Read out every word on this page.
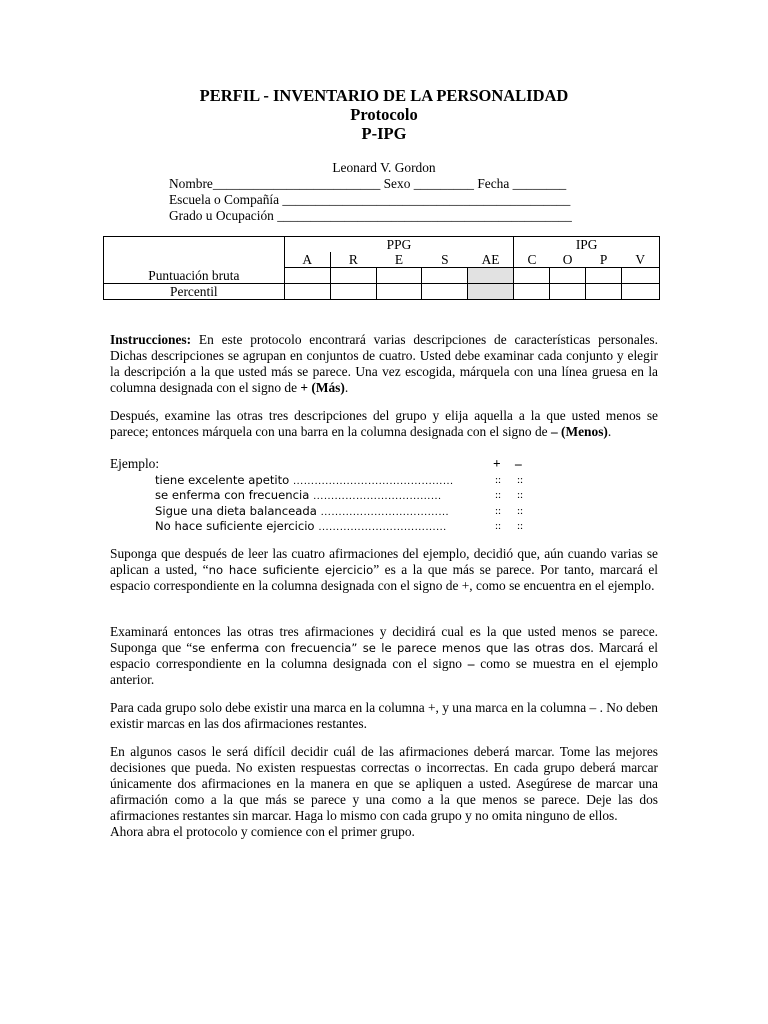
PERFIL - INVENTARIO DE LA PERSONALIDAD
Protocolo
P-IPG
Leonard V. Gordon
Nombre_________________________ Sexo _________ Fecha ________
Escuela o Compañía ___________________________________________
Grado u Ocupación ____________________________________________
	PPG					IPG			
	A	R	E	S	AE	C	O	P	V
Puntuación bruta									
Percentil									

Instrucciones: En este protocolo encontrará varias descripciones de características personales. Dichas descripciones se agrupan en conjuntos de cuatro. Usted debe examinar cada conjunto y elegir la descripción a la que usted más se parece. Una vez escogida, márquela con una línea gruesa en la columna designada con el signo de + (Más).

Después, examine las otras tres descripciones del grupo y elija aquella a la que usted menos se parece; entonces márquela con una barra en la columna designada con el signo de – (Menos).

Ejemplo:	+ –
tiene excelente apetito ………………………………………	:: ::
se enferma con frecuencia ………………………………	:: ::
Sigue una dieta balanceada ………………………………	:: ::
No hace suficiente ejercicio ………………………………	:: ::

Suponga que después de leer las cuatro afirmaciones del ejemplo, decidió que, aún cuando varias se aplican a usted, “no hace suficiente ejercicio” es a la que más se parece. Por tanto, marcará el espacio correspondiente en la columna designada con el signo de +, como se encuentra en el ejemplo.

Examinará entonces las otras tres afirmaciones y decidirá cual es la que usted menos se parece. Suponga que “se enferma con frecuencia” se le parece menos que las otras dos. Marcará el espacio correspondiente en la columna designada con el signo – como se muestra en el ejemplo anterior.

Para cada grupo solo debe existir una marca en la columna +, y una marca en la columna – . No deben existir marcas en las dos afirmaciones restantes.

En algunos casos le será difícil decidir cuál de las afirmaciones deberá marcar. Tome las mejores decisiones que pueda. No existen respuestas correctas o incorrectas. En cada grupo deberá marcar únicamente dos afirmaciones en la manera en que se apliquen a usted. Asegúrese de marcar una afirmación como a la que más se parece y una como a la que menos se parece. Deje las dos afirmaciones restantes sin marcar. Haga lo mismo con cada grupo y no omita ninguno de ellos.

Ahora abra el protocolo y comience con el primer grupo.
